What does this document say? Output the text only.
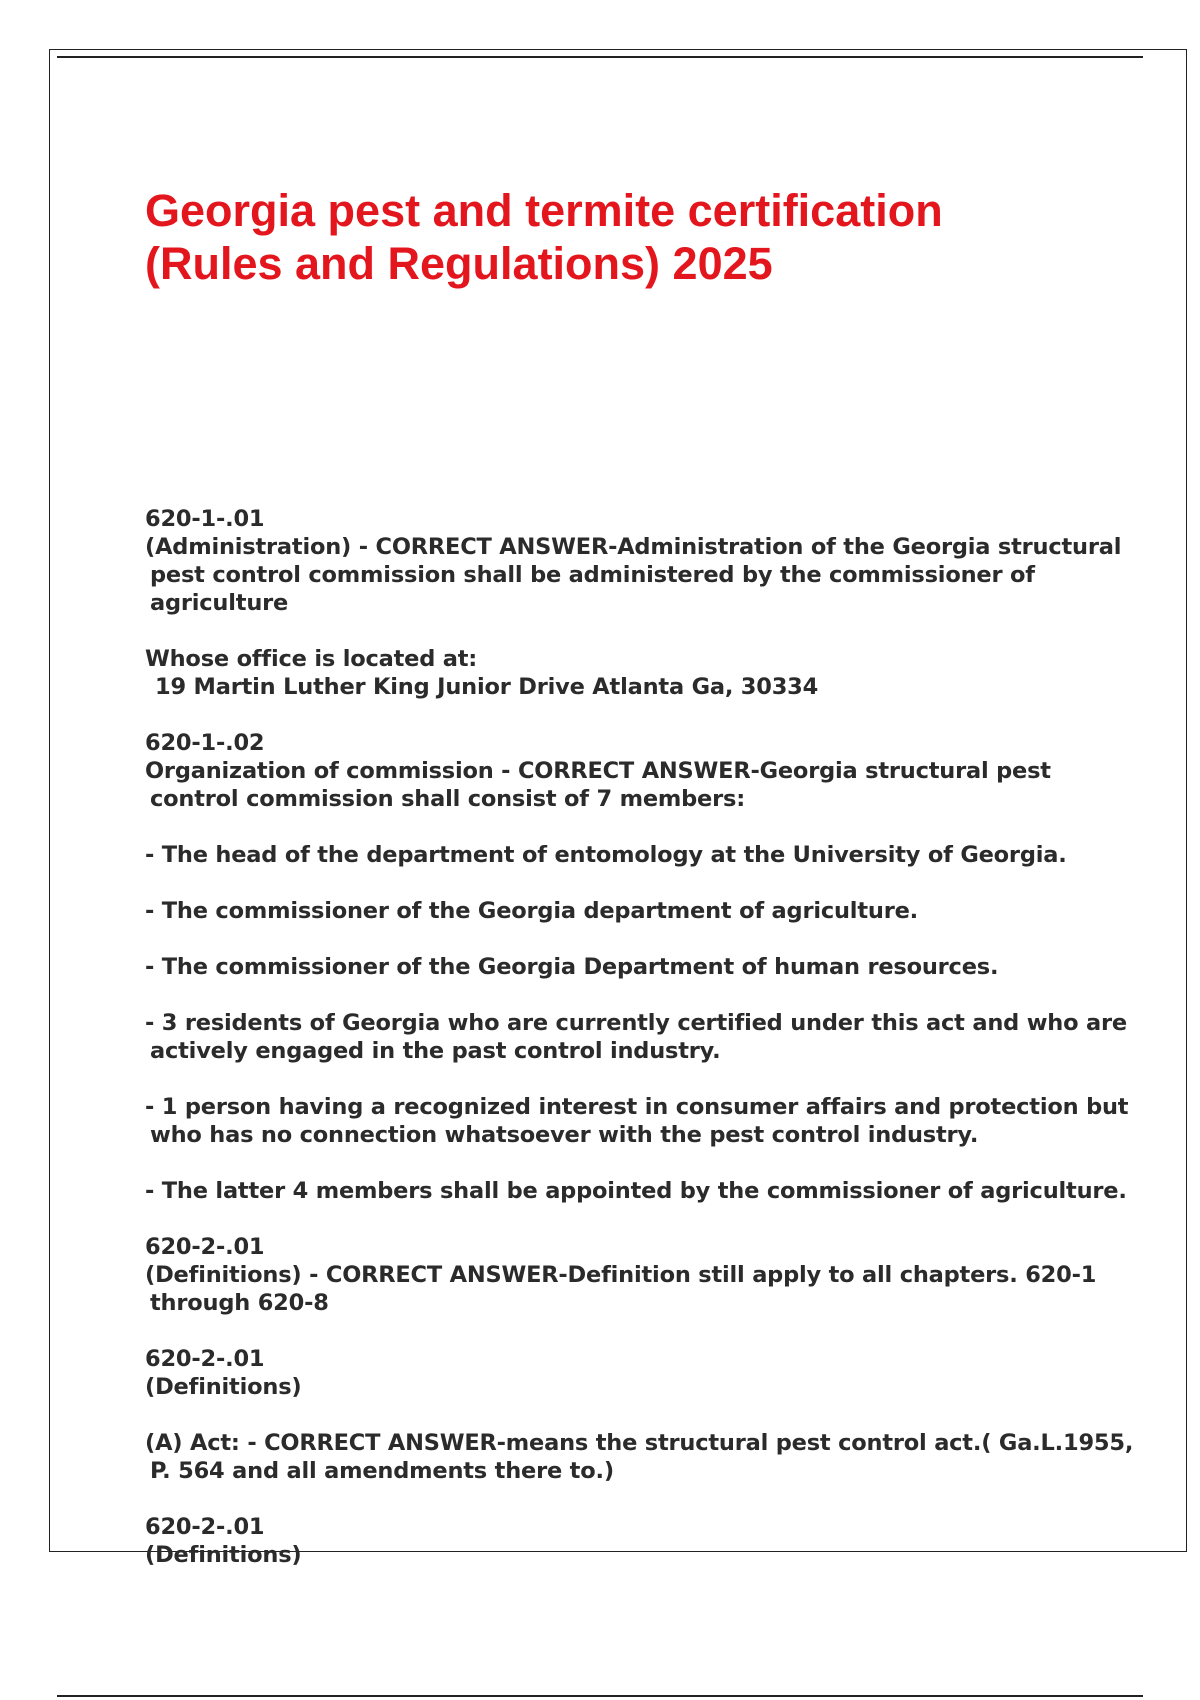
Georgia pest and termite certification
(Rules and Regulations) 2025
620-1-.01
(Administration) - CORRECT ANSWER-Administration of the Georgia structural
pest control commission shall be administered by the commissioner of
agriculture
Whose office is located at:
19 Martin Luther King Junior Drive Atlanta Ga, 30334
620-1-.02
Organization of commission - CORRECT ANSWER-Georgia structural pest
control commission shall consist of 7 members:
- The head of the department of entomology at the University of Georgia.
- The commissioner of the Georgia department of agriculture.
- The commissioner of the Georgia Department of human resources.
- 3 residents of Georgia who are currently certified under this act and who are
actively engaged in the past control industry.
- 1 person having a recognized interest in consumer affairs and protection but
who has no connection whatsoever with the pest control industry.
- The latter 4 members shall be appointed by the commissioner of agriculture.
620-2-.01
(Definitions) - CORRECT ANSWER-Definition still apply to all chapters. 620-1
through 620-8
620-2-.01
(Definitions)
(A) Act: - CORRECT ANSWER-means the structural pest control act.( Ga.L.1955,
P. 564 and all amendments there to.)
620-2-.01
(Definitions)
